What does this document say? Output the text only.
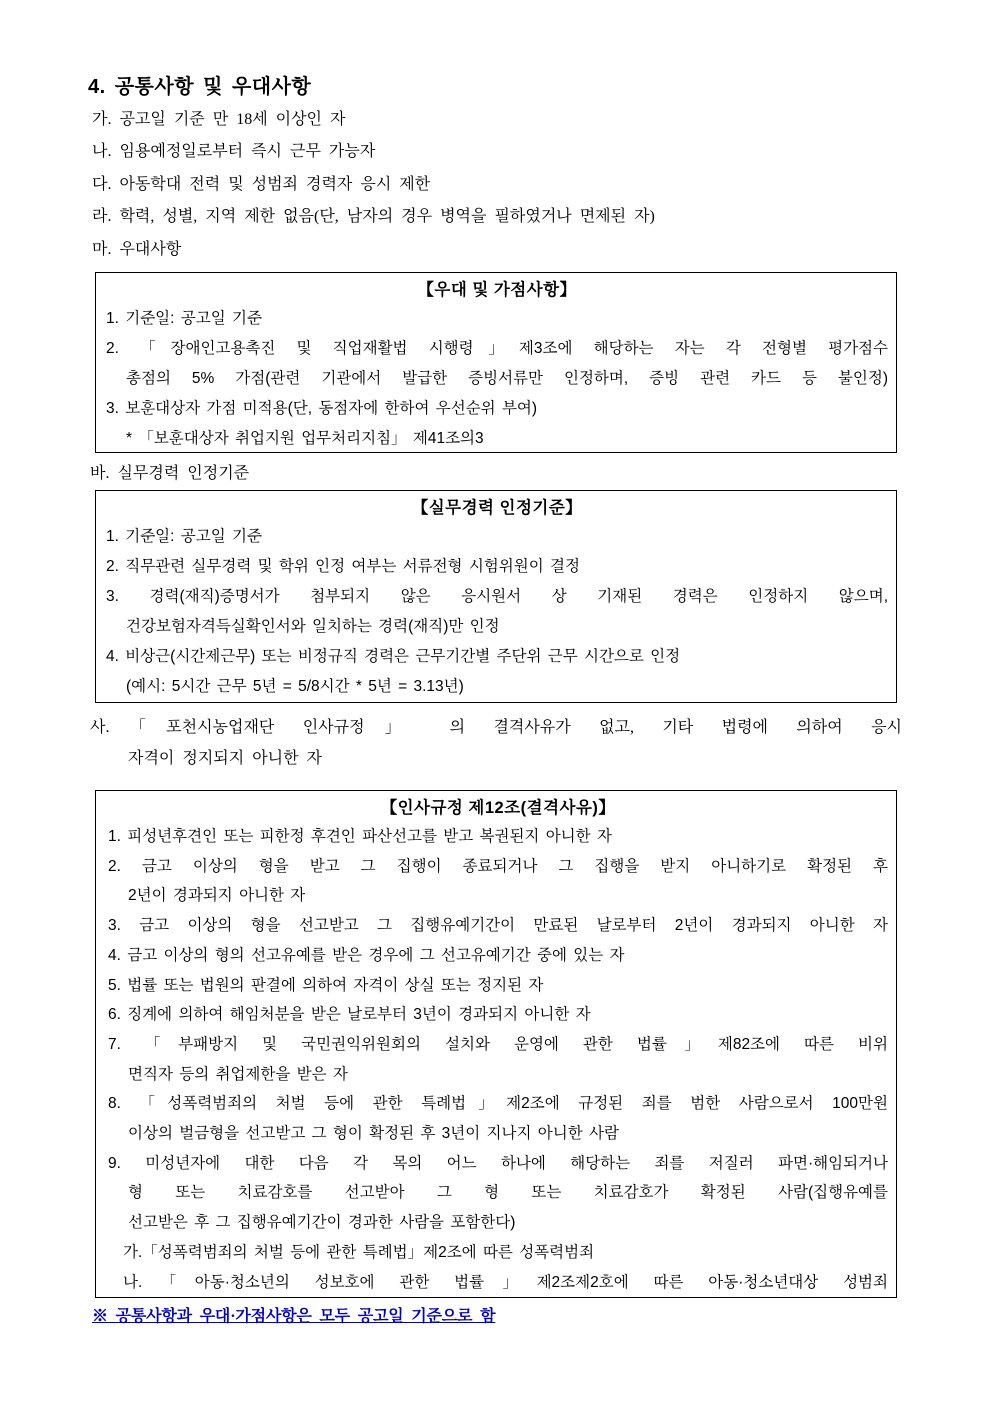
4. 공통사항 및 우대사항
가. 공고일 기준 만 18세 이상인 자
나. 임용예정일로부터 즉시 근무 가능자
다. 아동학대 전력 및 성범죄 경력자 응시 제한
라. 학력, 성별, 지역 제한 없음(단, 남자의 경우 병역을 필하였거나 면제된 자)
마. 우대사항
【우대 및 가점사항】
1. 기준일: 공고일 기준
2. 「장애인고용촉진 및 직업재활법 시행령」제3조에 해당하는 자는 각 전형별 평가점수
총점의 5% 가점(관련 기관에서 발급한 증빙서류만 인정하며, 증빙 관련 카드 등 불인정)
3. 보훈대상자 가점 미적용(단, 동점자에 한하여 우선순위 부여)
* 「보훈대상자 취업지원 업무처리지침」 제41조의3
바. 실무경력 인정기준
【실무경력 인정기준】
1. 기준일: 공고일 기준
2. 직무관련 실무경력 및 학위 인정 여부는 서류전형 시험위원이 결정
3. 경력(재직)증명서가 첨부되지 않은 응시원서 상 기재된 경력은 인정하지 않으며,
건강보험자격득실확인서와 일치하는 경력(재직)만 인정
4. 비상근(시간제근무) 또는 비정규직 경력은 근무기간별 주단위 근무 시간으로 인정
(예시: 5시간 근무 5년 = 5/8시간 * 5년 = 3.13년)
사.「포천시농업재단 인사규정」 의 결격사유가 없고, 기타 법령에 의하여 응시
자격이 정지되지 아니한 자
【인사규정 제12조(결격사유)】
1. 피성년후견인 또는 피한정 후견인 파산선고를 받고 복권된지 아니한 자
2. 금고 이상의 형을 받고 그 집행이 종료되거나 그 집행을 받지 아니하기로 확정된 후
2년이 경과되지 아니한 자
3. 금고 이상의 형을 선고받고 그 집행유예기간이 만료된 날로부터 2년이 경과되지 아니한 자
4. 금고 이상의 형의 선고유예를 받은 경우에 그 선고유예기간 중에 있는 자
5. 법률 또는 법원의 판결에 의하여 자격이 상실 또는 정지된 자
6. 징계에 의하여 해임처분을 받은 날로부터 3년이 경과되지 아니한 자
7. 「부패방지 및 국민권익위원회의 설치와 운영에 관한 법률」제82조에 따른 비위
면직자 등의 취업제한을 받은 자
8. 「성폭력범죄의 처벌 등에 관한 특례법」제2조에 규정된 죄를 범한 사람으로서 100만원
이상의 벌금형을 선고받고 그 형이 확정된 후 3년이 지나지 아니한 사람
9. 미성년자에 대한 다음 각 목의 어느 하나에 해당하는 죄를 저질러 파면·해임되거나
형 또는 치료감호를 선고받아 그 형 또는 치료감호가 확정된 사람(집행유예를
선고받은 후 그 집행유예기간이 경과한 사람을 포함한다)
가.「성폭력범죄의 처벌 등에 관한 특례법」제2조에 따른 성폭력범죄
나.「아동·청소년의 성보호에 관한 법률」제2조제2호에 따른 아동·청소년대상 성범죄
※ 공통사항과 우대·가점사항은 모두 공고일 기준으로 함
